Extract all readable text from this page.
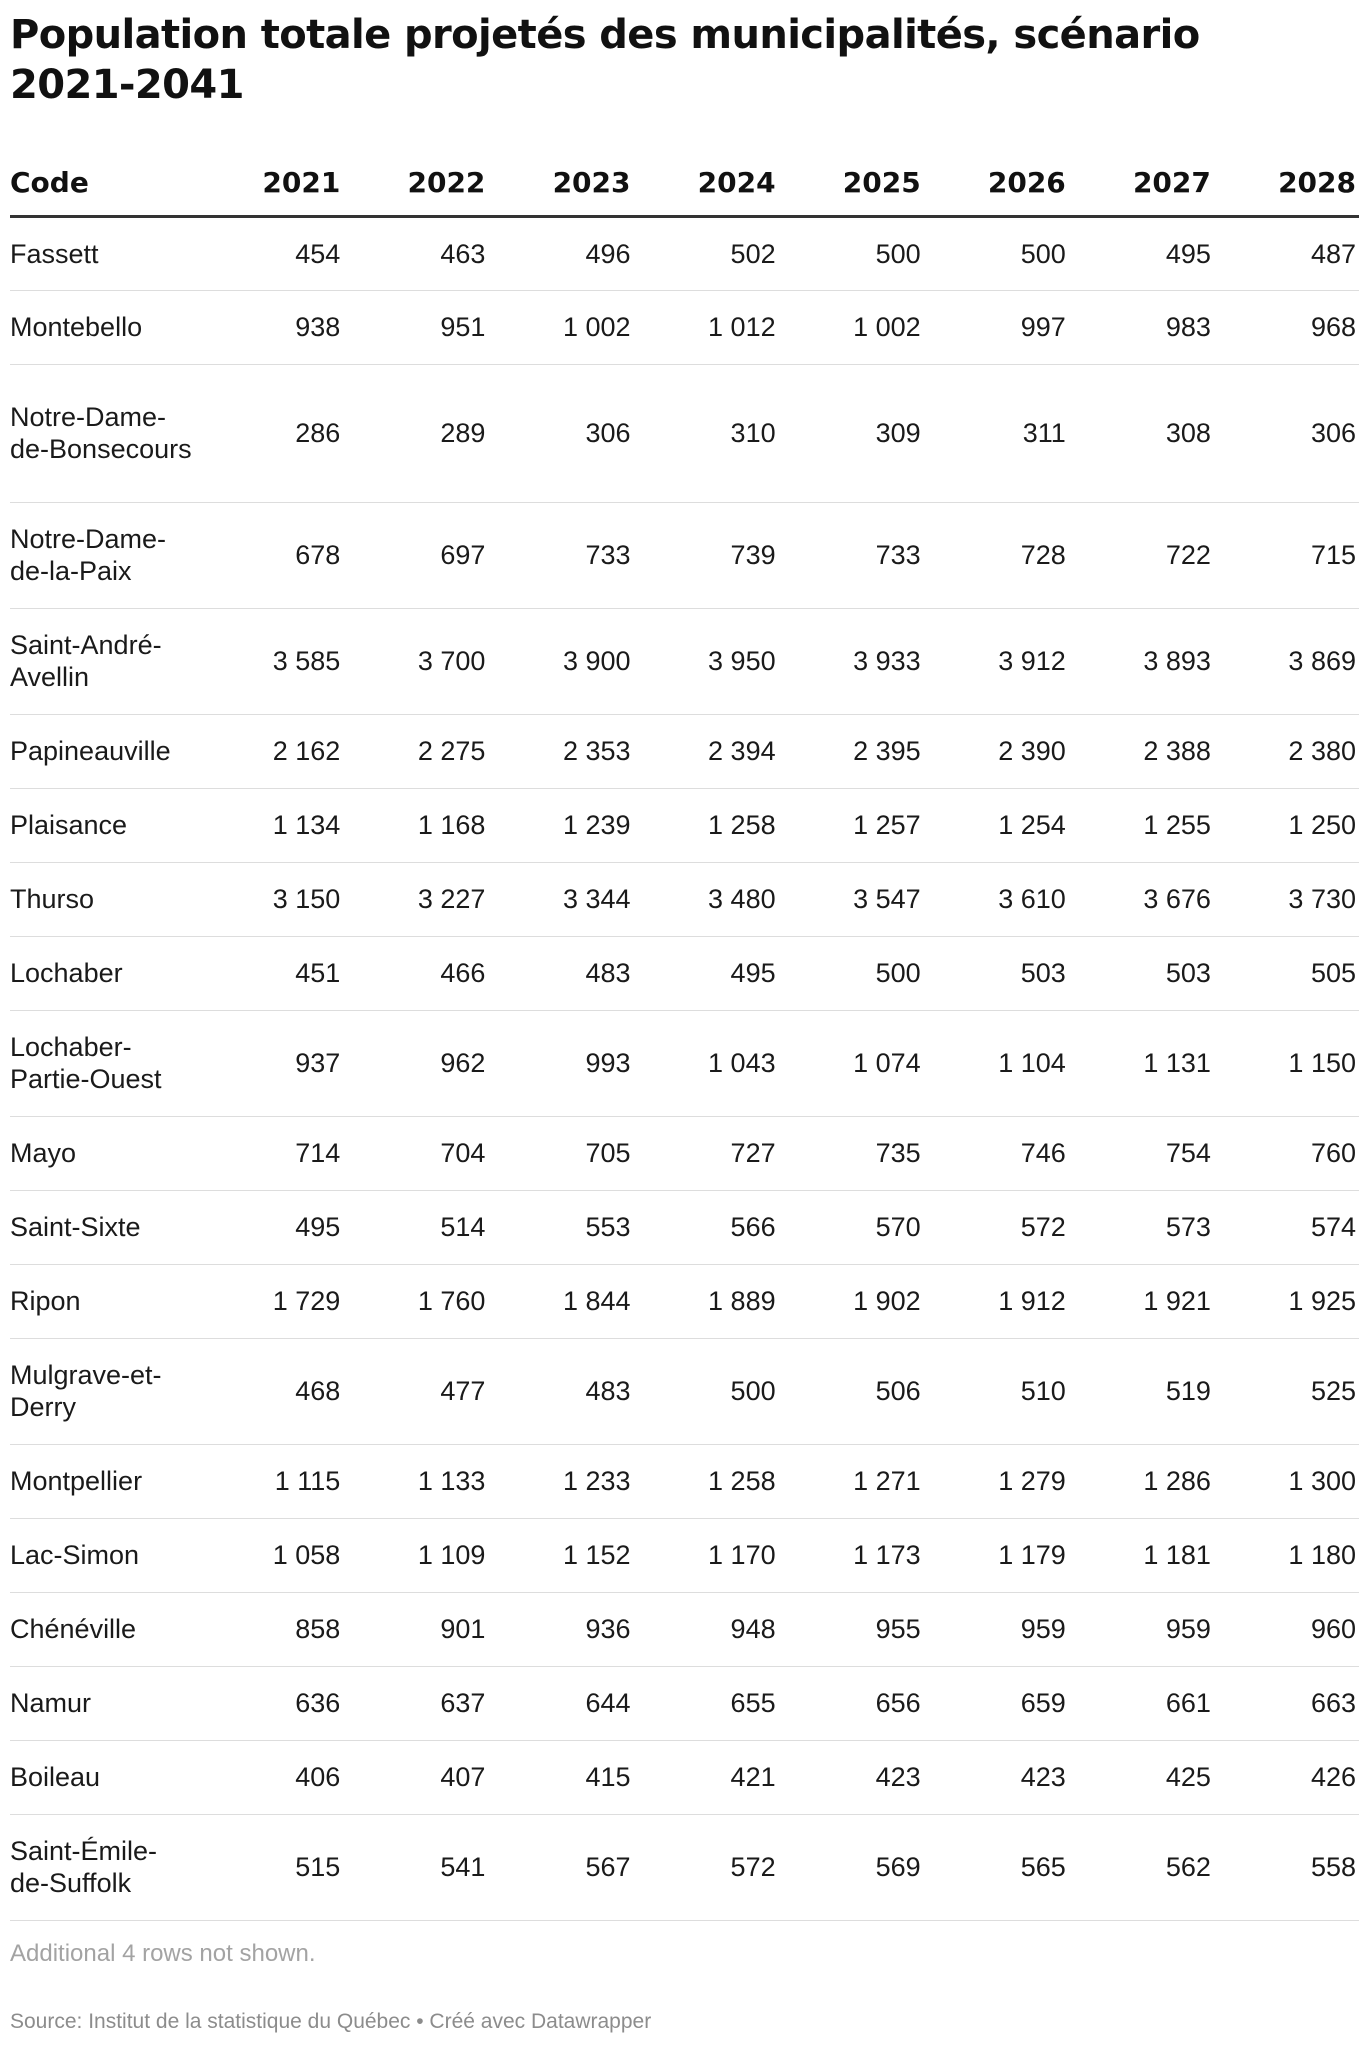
Population totale projetés des municipalités, scénario 2021-2041
Code	2021	2022	2023	2024	2025	2026	2027	2028
Fassett	454	463	496	502	500	500	495	487
Montebello	938	951	1 002	1 012	1 002	997	983	968
Notre-Dame-de-Bonsecours	286	289	306	310	309	311	308	306
Notre-Dame-de-la-Paix	678	697	733	739	733	728	722	715
Saint-André-Avellin	3 585	3 700	3 900	3 950	3 933	3 912	3 893	3 869
Papineauville	2 162	2 275	2 353	2 394	2 395	2 390	2 388	2 380
Plaisance	1 134	1 168	1 239	1 258	1 257	1 254	1 255	1 250
Thurso	3 150	3 227	3 344	3 480	3 547	3 610	3 676	3 730
Lochaber	451	466	483	495	500	503	503	505
Lochaber-Partie-Ouest	937	962	993	1 043	1 074	1 104	1 131	1 150
Mayo	714	704	705	727	735	746	754	760
Saint-Sixte	495	514	553	566	570	572	573	574
Ripon	1 729	1 760	1 844	1 889	1 902	1 912	1 921	1 925
Mulgrave-et-Derry	468	477	483	500	506	510	519	525
Montpellier	1 115	1 133	1 233	1 258	1 271	1 279	1 286	1 300
Lac-Simon	1 058	1 109	1 152	1 170	1 173	1 179	1 181	1 180
Chénéville	858	901	936	948	955	959	959	960
Namur	636	637	644	655	656	659	661	663
Boileau	406	407	415	421	423	423	425	426
Saint-Émile-de-Suffolk	515	541	567	572	569	565	562	558

Additional 4 rows not shown.

Source: Institut de la statistique du Québec • Créé avec Datawrapper
